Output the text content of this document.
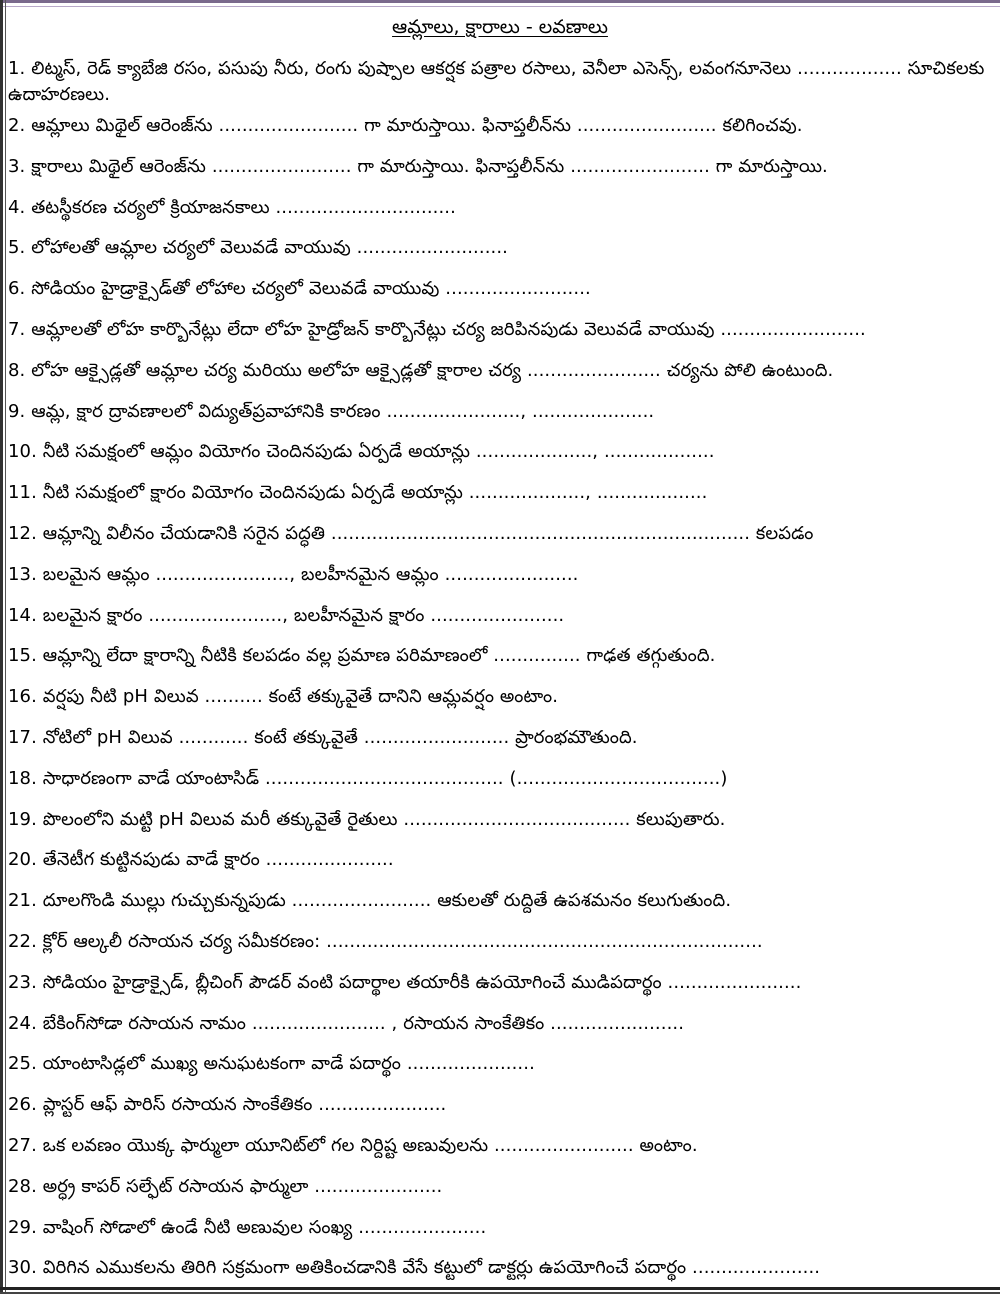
ఆమ్లాలు, క్షారాలు - లవణాలు
1. లిట్మస్, రెడ్ క్యాబేజి రసం, పసుపు నీరు, రంగు పుష్పాల ఆకర్షక పత్రాల రసాలు, వెనీలా ఎసెన్స్, లవంగనూనెలు .................. సూచికలకు ఉదాహరణలు.
2. ఆమ్లాలు మిథైల్ ఆరెంజ్‌ను ........................ గా మారుస్తాయి. ఫినాప్తలీన్‌ను ........................ కలిగించవు.
3. క్షారాలు మిథైల్ ఆరెంజ్‌ను ........................ గా మారుస్తాయి. ఫినాప్తలీన్‌ను ........................ గా మారుస్తాయి.
4. తటస్థీకరణ చర్యలో క్రియాజనకాలు ...............................
5. లోహాలతో ఆమ్లాల చర్యలో వెలువడే వాయువు ..........................
6. సోడియం హైడ్రాక్సైడ్‌తో లోహాల చర్యలో వెలువడే వాయువు .........................
7. ఆమ్లాలతో లోహ కార్బొనేట్లు లేదా లోహ హైడ్రోజన్ కార్బొనేట్లు చర్య జరిపినపుడు వెలువడే వాయువు .........................
8. లోహ ఆక్సైడ్లతో ఆమ్లాల చర్య మరియు అలోహ ఆక్సైడ్లతో క్షారాల చర్య ....................... చర్యను పోలి ఉంటుంది.
9. ఆమ్ల, క్షార ద్రావణాలలో విద్యుత్‌ప్రవాహానికి కారణం ......................., .....................
10. నీటి సమక్షంలో ఆమ్లం వియోగం చెందినపుడు ఏర్పడే అయాన్లు ...................., ...................
11. నీటి సమక్షంలో క్షారం వియోగం చెందినపుడు ఏర్పడే అయాన్లు ...................., ...................
12. ఆమ్లాన్ని విలీనం చేయడానికి సరైన పద్ధతి ........................................................................ కలపడం
13. బలమైన ఆమ్లం ......................., బలహీనమైన ఆమ్లం .......................
14. బలమైన క్షారం ......................., బలహీనమైన క్షారం .......................
15. ఆమ్లాన్ని లేదా క్షారాన్ని నీటికి కలపడం వల్ల ప్రమాణ పరిమాణంలో ............... గాఢత తగ్గుతుంది.
16. వర్షపు నీటి pH విలువ .......... కంటే తక్కువైతే దానిని ఆమ్లవర్షం అంటాం.
17. నోటిలో pH విలువ ............ కంటే తక్కువైతే ......................... ప్రారంభమౌతుంది.
18. సాధారణంగా వాడే యాంటాసిడ్ ......................................... (...................................)
19. పొలంలోని మట్టి pH విలువ మరీ తక్కువైతే రైతులు ....................................... కలుపుతారు.
20. తేనెటీగ కుట్టినపుడు వాడే క్షారం ......................
21. దూలగొండి ముల్లు గుచ్చుకున్నపుడు ........................ ఆకులతో రుద్దితే ఉపశమనం కలుగుతుంది.
22. క్లోర్ ఆల్కలీ రసాయన చర్య సమీకరణం: ...........................................................................
23. సోడియం హైడ్రాక్సైడ్, బ్లీచింగ్ పౌడర్ వంటి పదార్థాల తయారీకి ఉపయోగించే ముడిపదార్థం .......................
24. బేకింగ్‌సోడా రసాయన నామం ....................... , రసాయన సాంకేతికం .......................
25. యాంటాసిడ్లలో ముఖ్య అనుఘటకంగా వాడే పదార్థం ......................
26. ప్లాస్టర్ ఆఫ్ పారిస్ రసాయన సాంకేతికం ......................
27. ఒక లవణం యొక్క ఫార్ములా యూనిట్‌లో గల నిర్దిష్ట అణువులను ........................ అంటాం.
28. అర్ధ్ర కాపర్ సల్ఫేట్ రసాయన ఫార్ములా ......................
29. వాషింగ్ సోడాలో ఉండే నీటి అణువుల సంఖ్య ......................
30. విరిగిన ఎముకలను తిరిగి సక్రమంగా అతికించడానికి వేసే కట్టులో డాక్టర్లు ఉపయోగించే పదార్థం ......................
